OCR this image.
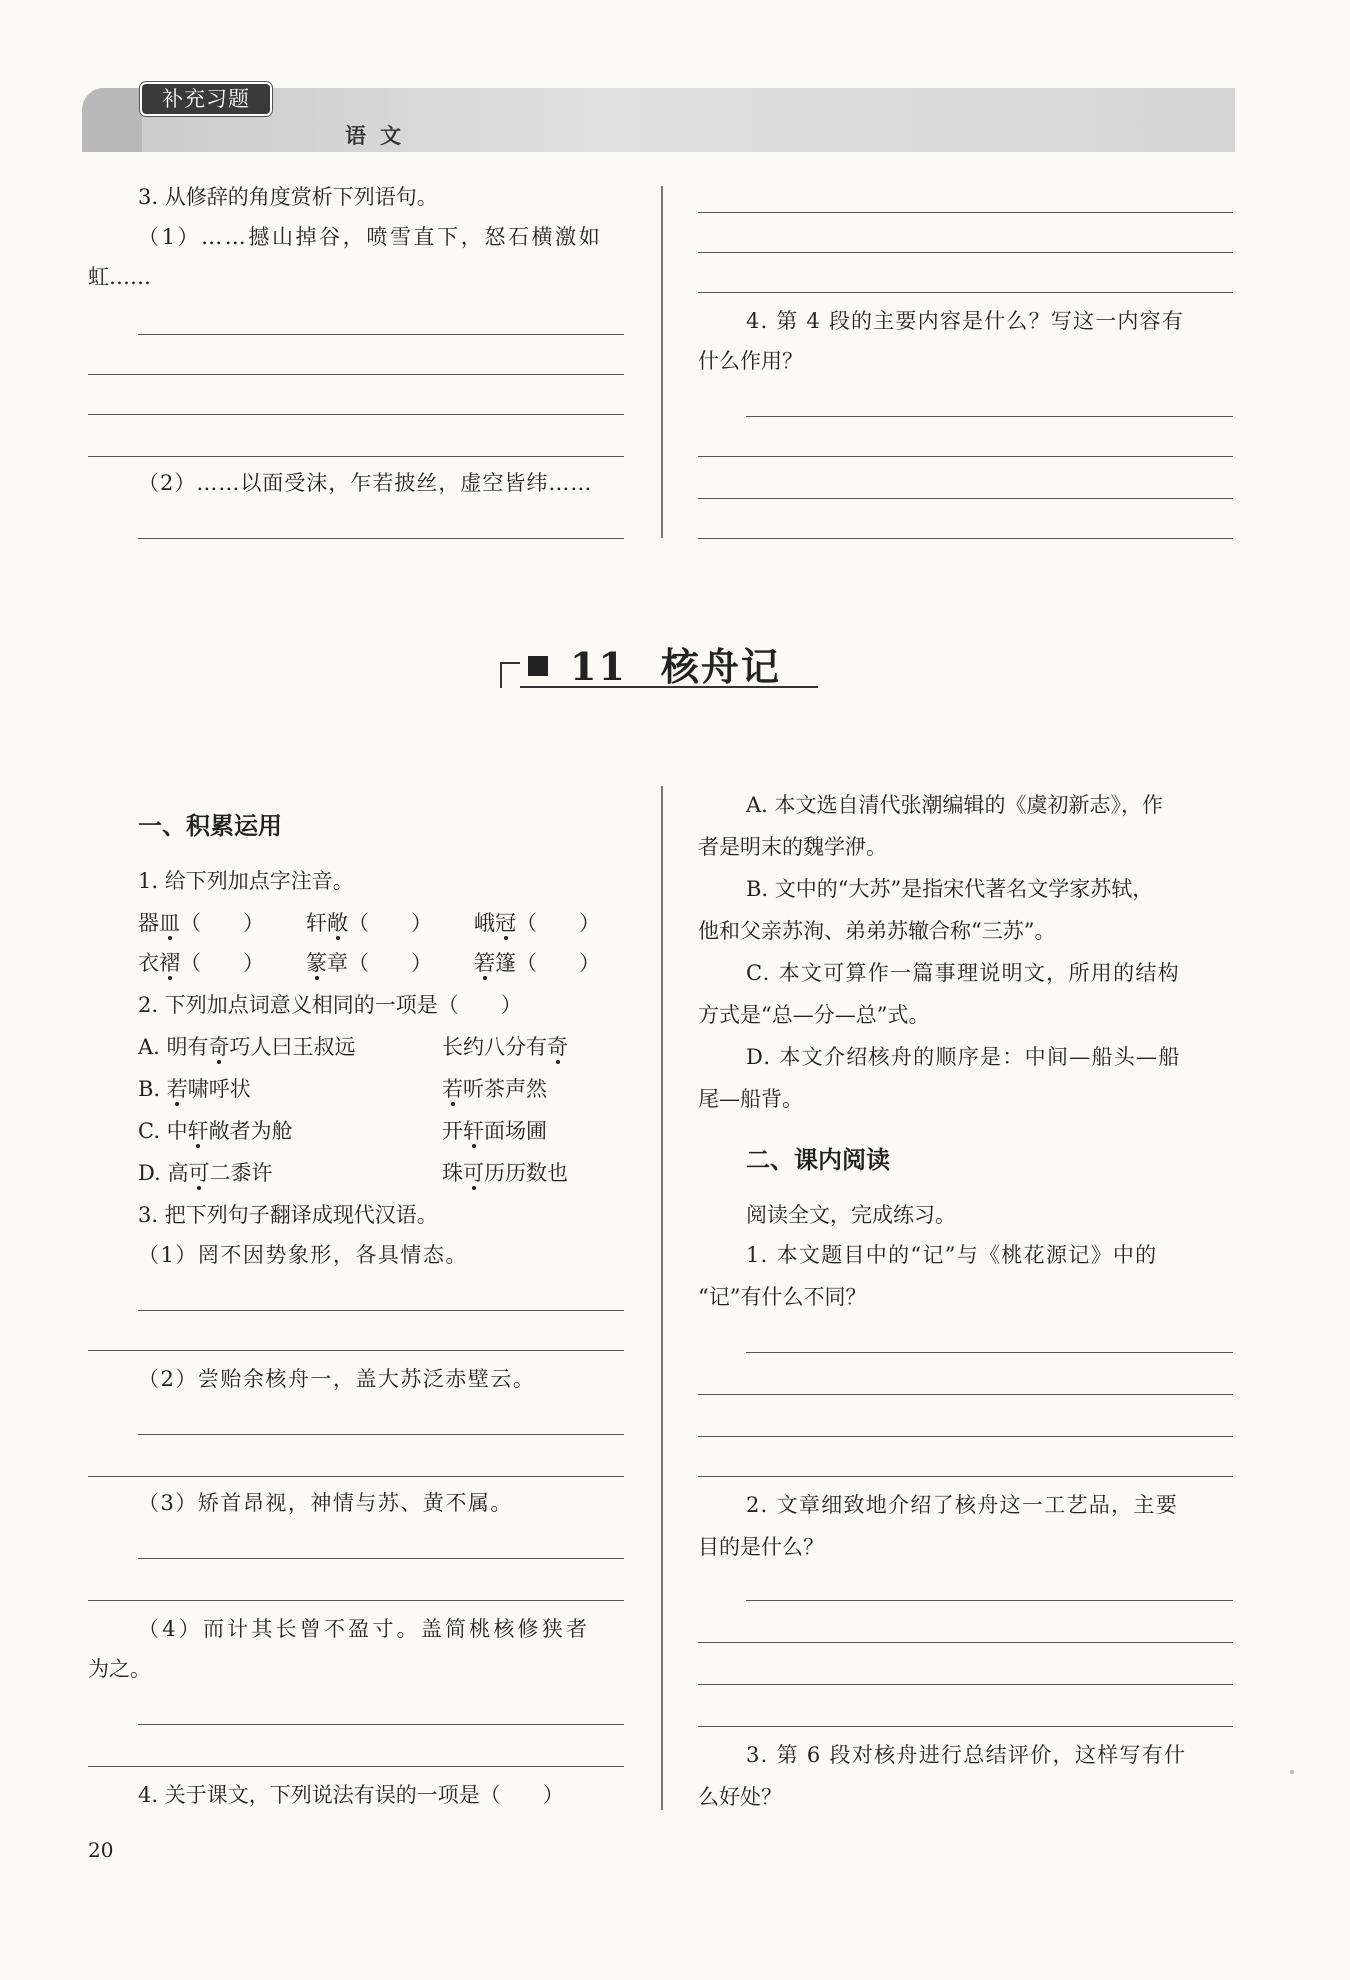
补充习题
语文
3. 从修辞的角度赏析下列语句。
（1）……撼山掉谷，喷雪直下，怒石横激如
虹……
（2）……以面受沫，乍若披丝，虚空皆纬……
4. 第 4 段的主要内容是什么？写这一内容有
什么作用？
11 核舟记
一、积累运用
1. 给下列加点字注音。
器皿（　　） 轩敞（　　） 峨冠（　　）
衣褶（　　） 篆章（　　） 箬篷（　　）
2. 下列加点词意义相同的一项是（　　）
A. 明有奇巧人曰王叔远	长约八分有奇
B. 若啸呼状	若听茶声然
C. 中轩敞者为舱	开轩面场圃
D. 高可二黍许	珠可历历数也
3. 把下列句子翻译成现代汉语。
（1）罔不因势象形，各具情态。
（2）尝贻余核舟一，盖大苏泛赤壁云。
（3）矫首昂视，神情与苏、黄不属。
（4）而计其长曾不盈寸。盖简桃核修狭者
为之。
4. 关于课文，下列说法有误的一项是（　　）
A. 本文选自清代张潮编辑的《虞初新志》，作
者是明末的魏学洢。
B. 文中的“大苏”是指宋代著名文学家苏轼，
他和父亲苏洵、弟弟苏辙合称“三苏”。
C. 本文可算作一篇事理说明文，所用的结构
方式是“总—分—总”式。
D. 本文介绍核舟的顺序是：中间—船头—船
尾—船背。
二、课内阅读
阅读全文，完成练习。
1. 本文题目中的“记”与《桃花源记》中的
“记”有什么不同？
2. 文章细致地介绍了核舟这一工艺品，主要
目的是什么？
3. 第 6 段对核舟进行总结评价，这样写有什
么好处？
20
